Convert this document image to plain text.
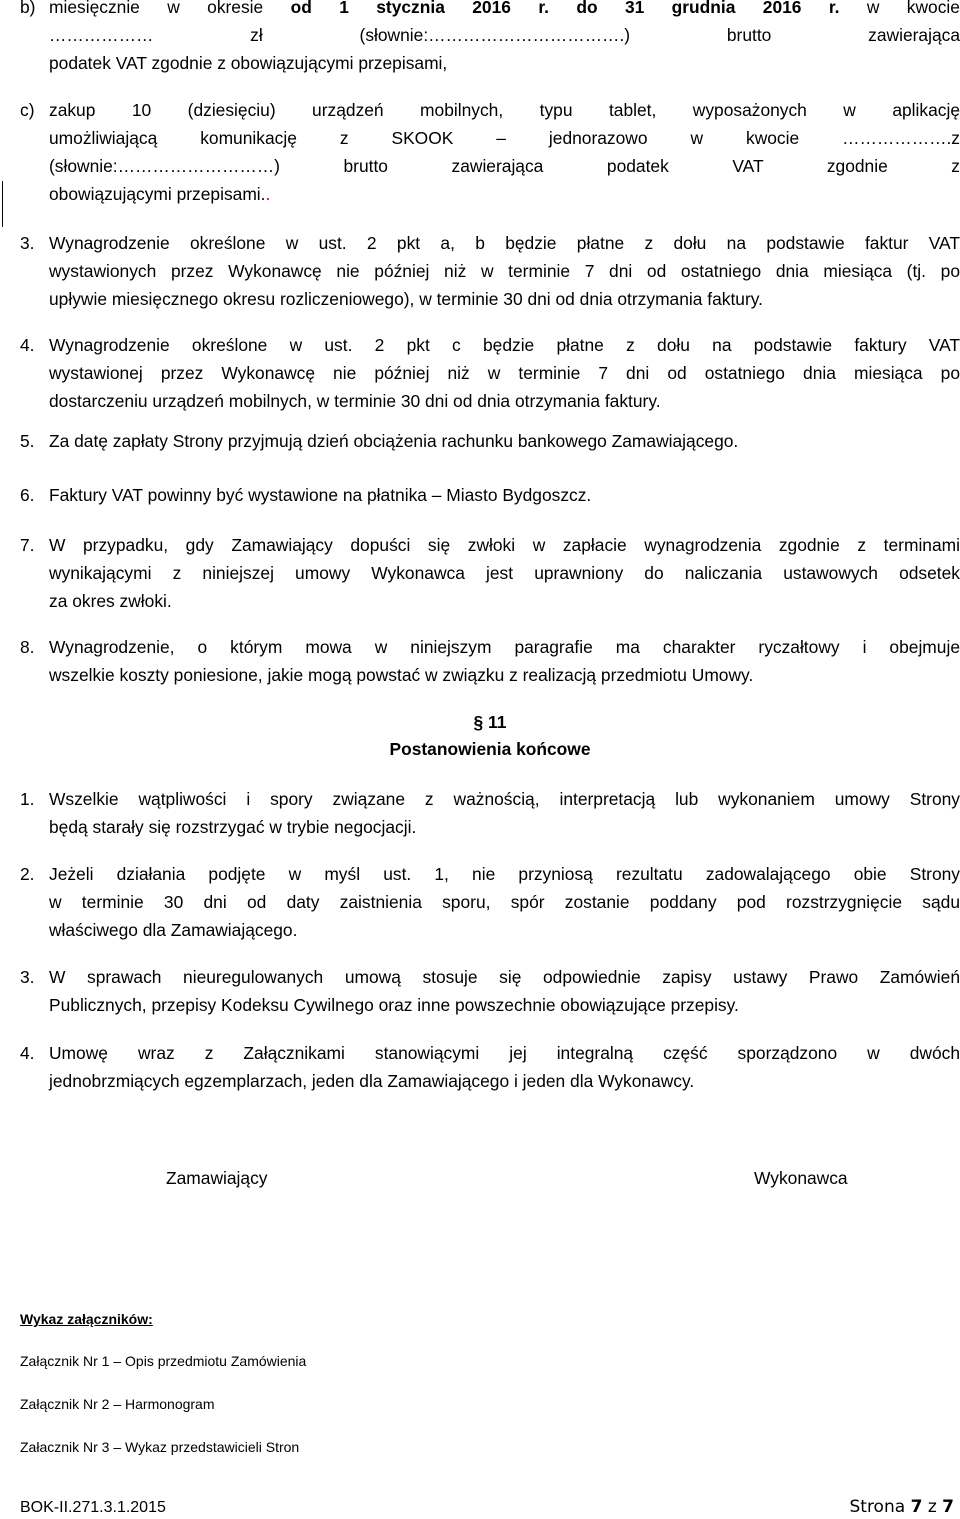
b) miesięcznie w okresie od 1 stycznia 2016 r. do 31 grudnia 2016 r. w kwocie
……………… zł (słownie:…………………………….) brutto zawierająca
podatek VAT zgodnie z obowiązującymi przepisami,
c) zakup 10 (dziesięciu) urządzeń mobilnych, typu tablet, wyposażonych w aplikację
umożliwiającą komunikację z SKOOK – jednorazowo w kwocie ……………….z
(słownie:………………………) brutto zawierająca podatek VAT zgodnie z
obowiązującymi przepisami..
3. Wynagrodzenie określone w ust. 2 pkt a, b będzie płatne z dołu na podstawie faktur VAT
wystawionych przez Wykonawcę nie później niż w terminie 7 dni od ostatniego dnia miesiąca (tj. po
upływie miesięcznego okresu rozliczeniowego), w terminie 30 dni od dnia otrzymania faktury.
4. Wynagrodzenie określone w ust. 2 pkt c będzie płatne z dołu na podstawie faktury VAT
wystawionej przez Wykonawcę nie później niż w terminie 7 dni od ostatniego dnia miesiąca po
dostarczeniu urządzeń mobilnych, w terminie 30 dni od dnia otrzymania faktury.
5. Za datę zapłaty Strony przyjmują dzień obciążenia rachunku bankowego Zamawiającego.
6. Faktury VAT powinny być wystawione na płatnika – Miasto Bydgoszcz.
7. W przypadku, gdy Zamawiający dopuści się zwłoki w zapłacie wynagrodzenia zgodnie z terminami
wynikającymi z niniejszej umowy Wykonawca jest uprawniony do naliczania ustawowych odsetek
za okres zwłoki.
8. Wynagrodzenie, o którym mowa w niniejszym paragrafie ma charakter ryczałtowy i obejmuje
wszelkie koszty poniesione, jakie mogą powstać w związku z realizacją przedmiotu Umowy.
§ 11
Postanowienia końcowe
1. Wszelkie wątpliwości i spory związane z ważnością, interpretacją lub wykonaniem umowy Strony
będą starały się rozstrzygać w trybie negocjacji.
2. Jeżeli działania podjęte w myśl ust. 1, nie przyniosą rezultatu zadowalającego obie Strony
w terminie 30 dni od daty zaistnienia sporu, spór zostanie poddany pod rozstrzygnięcie sądu
właściwego dla Zamawiającego.
3. W sprawach nieuregulowanych umową stosuje się odpowiednie zapisy ustawy Prawo Zamówień
Publicznych, przepisy Kodeksu Cywilnego oraz inne powszechnie obowiązujące przepisy.
4. Umowę wraz z Załącznikami stanowiącymi jej integralną część sporządzono w dwóch
jednobrzmiących egzemplarzach, jeden dla Zamawiającego i jeden dla Wykonawcy.
Zamawiający	Wykonawca
Wykaz załączników:
Załącznik Nr 1 – Opis przedmiotu Zamówienia
Załącznik Nr 2 – Harmonogram
Załacznik Nr 3 – Wykaz przedstawicieli Stron
BOK-II.271.3.1.2015	Strona 7 z 7
